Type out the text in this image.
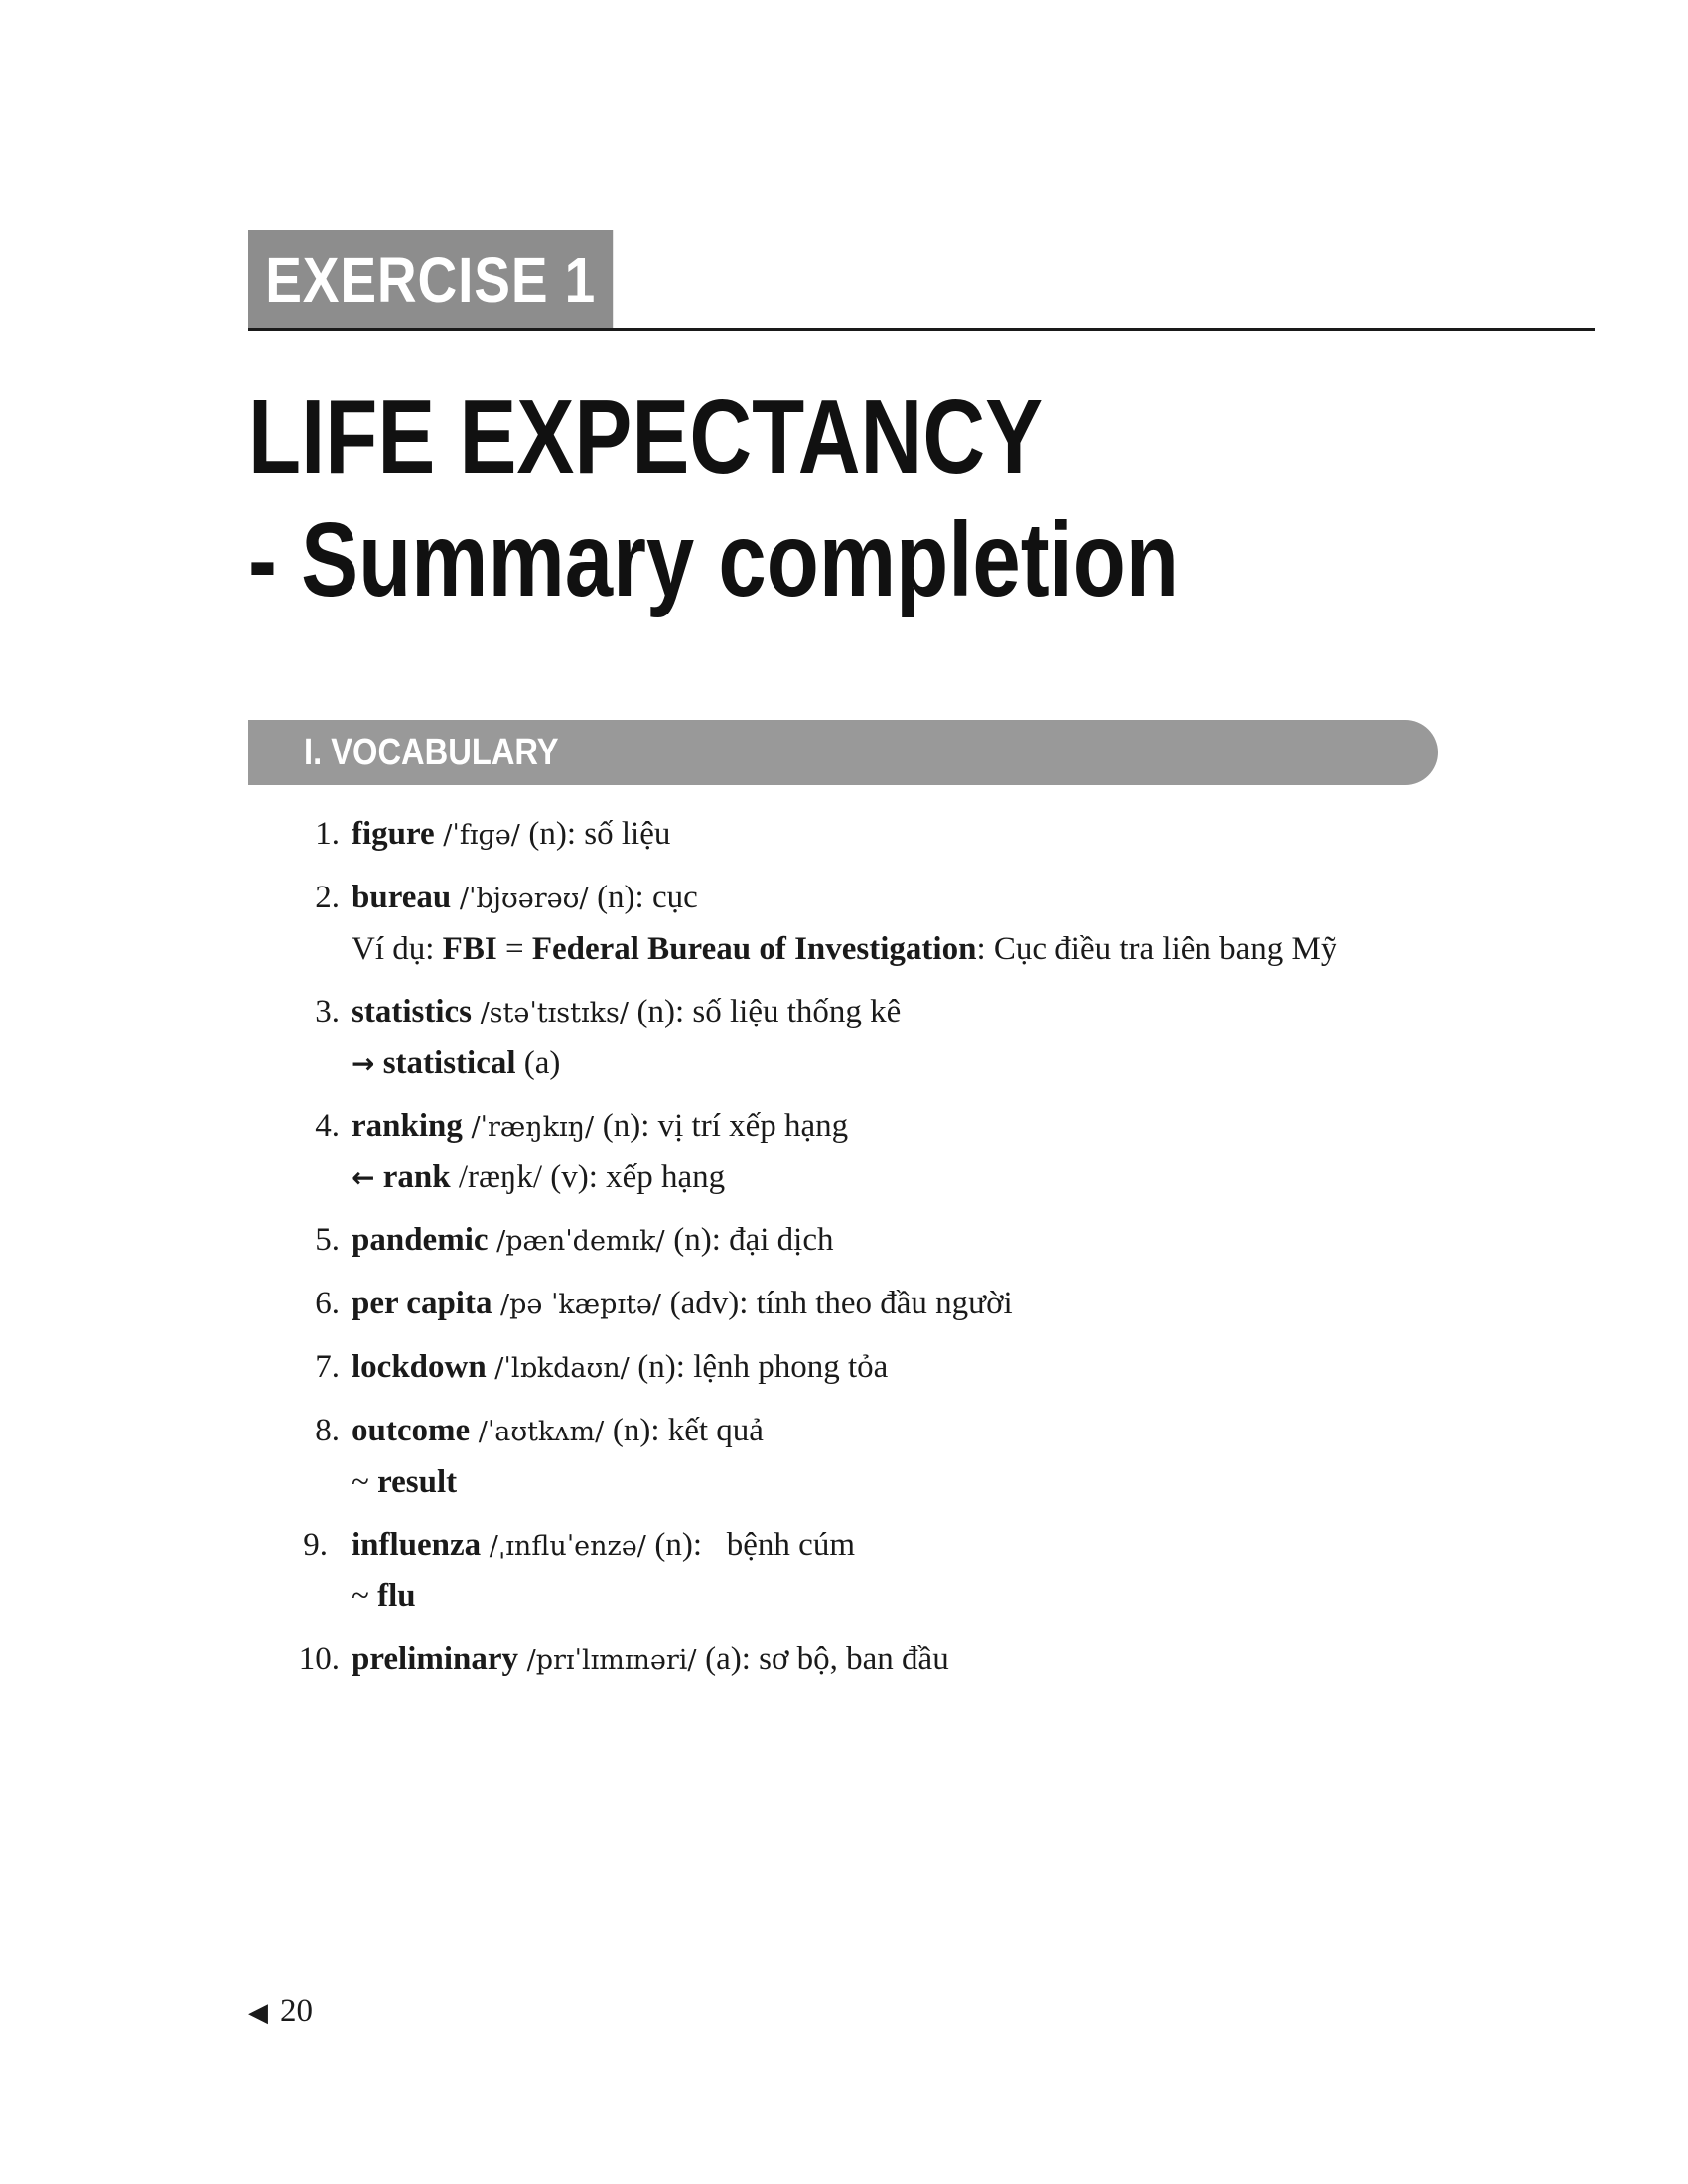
EXERCISE 1
LIFE EXPECTANCY
- Summary completion
I. VOCABULARY
1. figure /ˈfɪɡə/ (n): số liệu
2. bureau /ˈbjʊərəʊ/ (n): cục
Ví dụ: FBI = Federal Bureau of Investigation: Cục điều tra liên bang Mỹ
3. statistics /stəˈtɪstɪks/ (n): số liệu thống kê
→ statistical (a)
4. ranking /ˈræŋkɪŋ/ (n): vị trí xếp hạng
← rank /ræŋk/ (v): xếp hạng
5. pandemic /pænˈdemɪk/ (n): đại dịch
6. per capita /pə ˈkæpɪtə/ (adv): tính theo đầu người
7. lockdown /ˈlɒkdaʊn/ (n): lệnh phong tỏa
8. outcome /ˈaʊtkʌm/ (n): kết quả
~ result
9. influenza /ˌɪnfluˈenzə/ (n):   bệnh cúm
~ flu
10. preliminary /prɪˈlɪmɪnəri/ (a): sơ bộ, ban đầu
◀ 20
